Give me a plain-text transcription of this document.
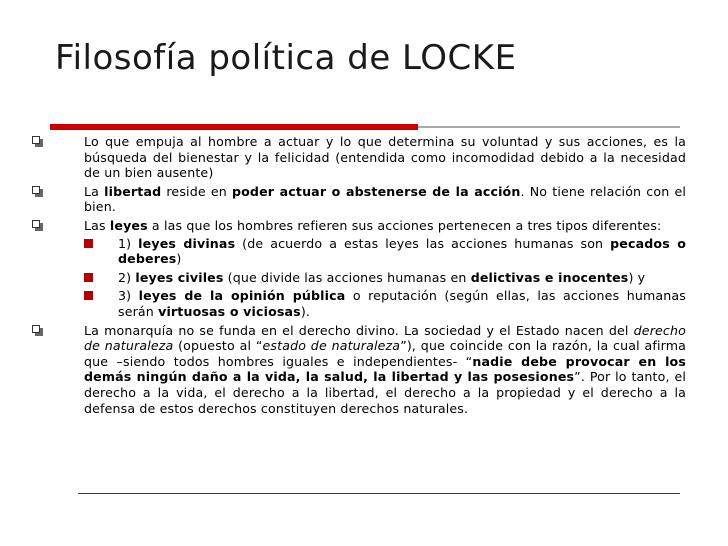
Filosofía política de LOCKE
Lo que empuja al hombre a actuar y lo que determina su voluntad y sus acciones, es la búsqueda del bienestar y la felicidad (entendida como incomodidad debido a la necesidad de un bien ausente)
La libertad reside en poder actuar o abstenerse de la acción. No tiene relación con el bien.
Las leyes a las que los hombres refieren sus acciones pertenecen a tres tipos diferentes:
1) leyes divinas (de acuerdo a estas leyes las acciones humanas son pecados o deberes)
2) leyes civiles (que divide las acciones humanas en delictivas e inocentes) y
3) leyes de la opinión pública o reputación (según ellas, las acciones humanas serán virtuosas o viciosas).
La monarquía no se funda en el derecho divino. La sociedad y el Estado nacen del derecho de naturaleza (opuesto al “estado de naturaleza”), que coincide con la razón, la cual afirma que –siendo todos hombres iguales e independientes- “nadie debe provocar en los demás ningún daño a la vida, la salud, la libertad y las posesiones”. Por lo tanto, el derecho a la vida, el derecho a la libertad, el derecho a la propiedad y el derecho a la defensa de estos derechos constituyen derechos naturales.
